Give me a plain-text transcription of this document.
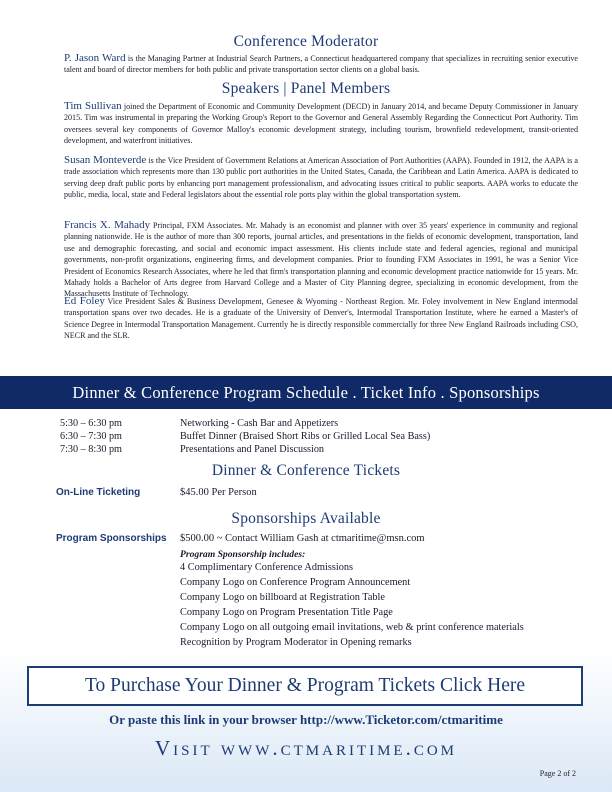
Conference Moderator
P. Jason Ward is the Managing Partner at Industrial Search Partners, a Connecticut headquartered company that specializes in recruiting senior executive talent and board of director members for both public and private transportation sector clients on a global basis.
Speakers | Panel Members
Tim Sullivan joined the Department of Economic and Community Development (DECD) in January 2014, and became Deputy Commissioner in January 2015. Tim was instrumental in preparing the Working Group's Report to the Governor and General Assembly Regarding the Connecticut Port Authority. Tim oversees several key components of Governor Malloy's economic development strategy, including tourism, brownfield redevelopment, transit-oriented development, and waterfront initiatives.
Susan Monteverde is the Vice President of Government Relations at American Association of Port Authorities (AAPA). Founded in 1912, the AAPA is a trade association which represents more than 130 public port authorities in the United States, Canada, the Caribbean and Latin America. AAPA is dedicated to serving deep draft public ports by enhancing port management professionalism, and advocating issues critical to public seaports. AAPA works to educate the public, media, local, state and Federal legislators about the essential role ports play within the global transportation system.
Francis X. Mahady Principal, FXM Associates. Mr. Mahady is an economist and planner with over 35 years' experience in community and regional planning nationwide. He is the author of more than 300 reports, journal articles, and presentations in the fields of economic development, transportation, land use and demographic forecasting, and social and economic impact assessment. His clients include state and federal agencies, regional and municipal governments, non-profit organizations, engineering firms, and development companies. Prior to founding FXM Associates in 1991, he was a Senior Vice President of Economics Research Associates, where he led that firm's transportation planning and economic development practice nationwide for 15 years. Mr. Mahady holds a Bachelor of Arts degree from Harvard College and a Master of City Planning degree, specializing in economic development, from the Massachusetts Institute of Technology.
Ed Foley Vice President Sales & Business Development, Genesee & Wyoming - Northeast Region. Mr. Foley involvement in New England intermodal transportation spans over two decades. He is a graduate of the University of Denver's, Intermodal Transportation Institute, where he earned a Master's of Science Degree in Intermodal Transportation Management. Currently he is directly responsible commercially for three New England Railroads including CSO, NECR and the SLR.
Dinner & Conference Program Schedule . Ticket Info . Sponsorships
5:30 – 6:30 pm	Networking - Cash Bar and Appetizers
6:30 – 7:30 pm	Buffet Dinner (Braised Short Ribs or Grilled Local Sea Bass)
7:30 – 8:30 pm	Presentations and Panel Discussion
Dinner & Conference Tickets
On-Line Ticketing	$45.00 Per Person
Sponsorships Available
Program Sponsorships $500.00 ~ Contact William Gash at ctmaritime@msn.com
Program Sponsorship includes:
4 Complimentary Conference Admissions
Company Logo on Conference Program Announcement
Company Logo on billboard at Registration Table
Company Logo on Program Presentation Title Page
Company Logo on all outgoing email invitations, web & print conference materials
Recognition by Program Moderator in Opening remarks
To Purchase Your Dinner & Program Tickets Click Here
Or paste this link in your browser http://www.Ticketor.com/ctmaritime
Visit www.ctmaritime.com
Page 2 of 2
